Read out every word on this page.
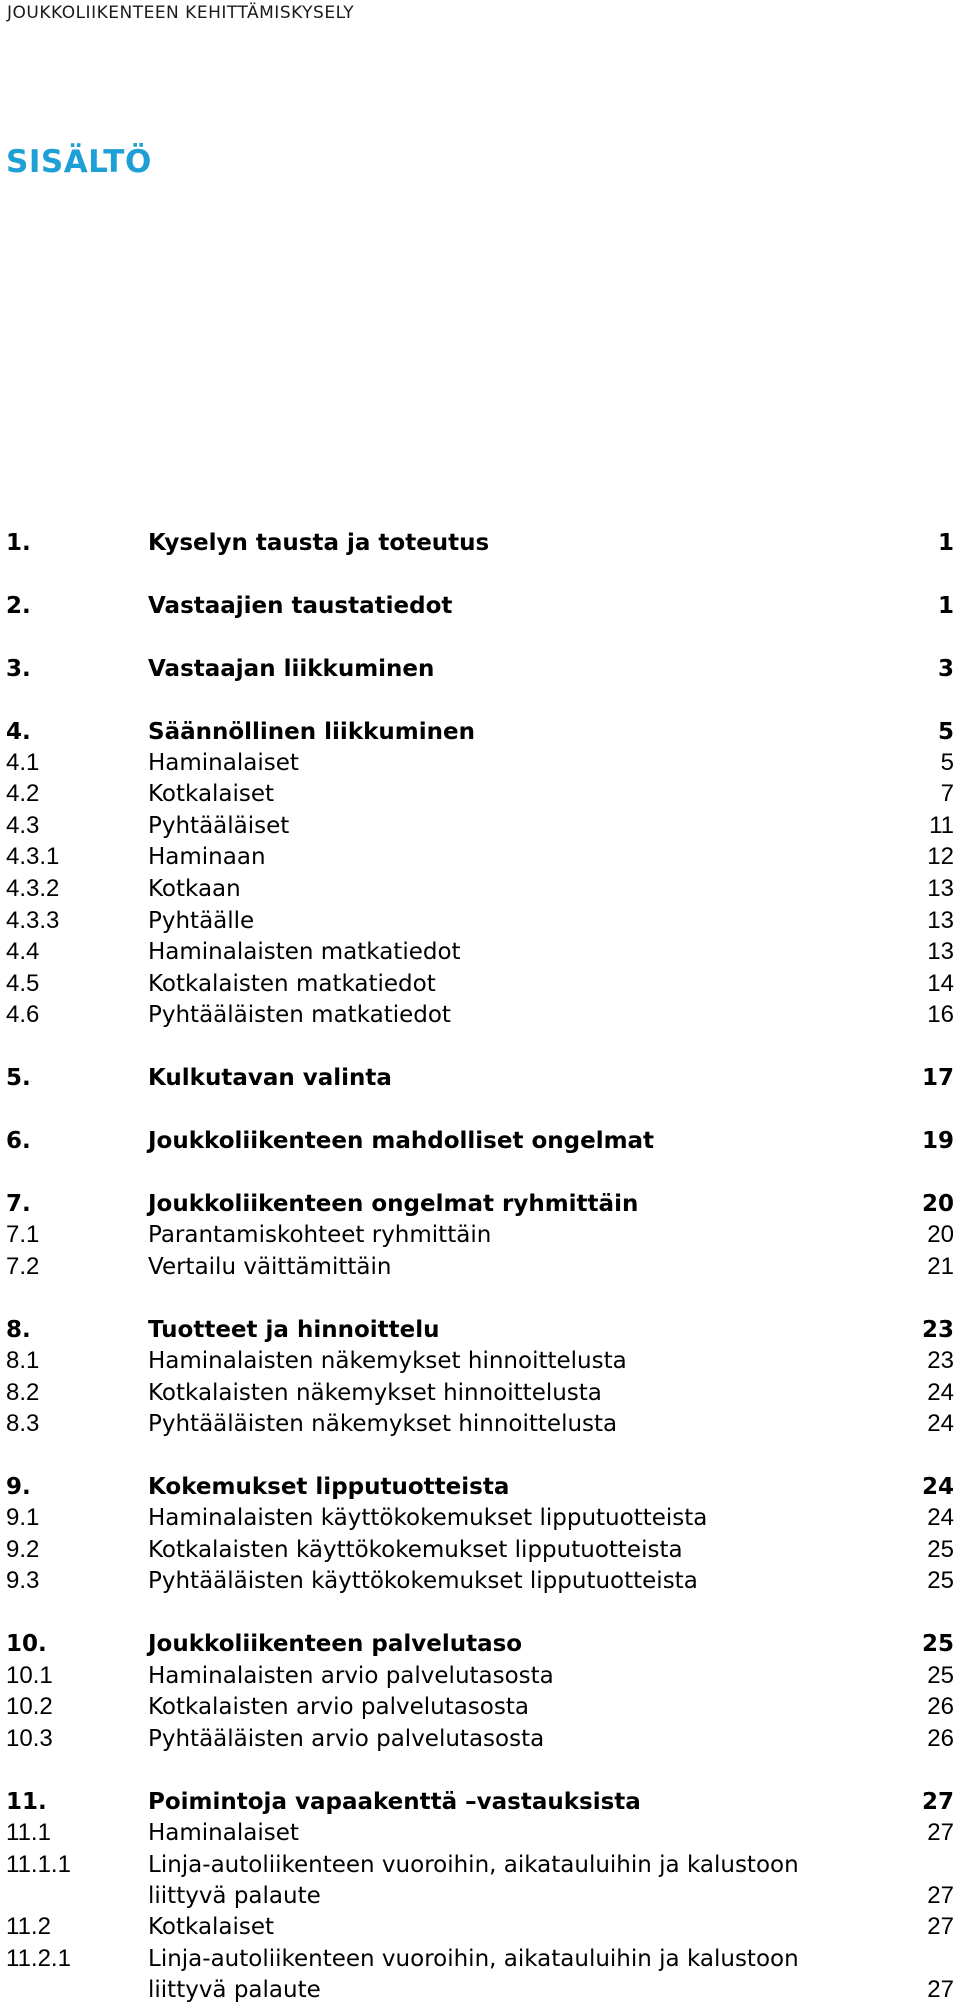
JOUKKOLIIKENTEEN KEHITTÄMISKYSELY
SISÄLTÖ
1.	Kyselyn tausta ja toteutus	1
2.	Vastaajien taustatiedot	1
3.	Vastaajan liikkuminen	3
4.	Säännöllinen liikkuminen	5
4.1	Haminalaiset	5
4.2	Kotkalaiset	7
4.3	Pyhtääläiset	11
4.3.1	Haminaan	12
4.3.2	Kotkaan	13
4.3.3	Pyhtäälle	13
4.4	Haminalaisten matkatiedot	13
4.5	Kotkalaisten matkatiedot	14
4.6	Pyhtääläisten matkatiedot	16
5.	Kulkutavan valinta	17
6.	Joukkoliikenteen mahdolliset ongelmat	19
7.	Joukkoliikenteen ongelmat ryhmittäin	20
7.1	Parantamiskohteet ryhmittäin	20
7.2	Vertailu väittämittäin	21
8.	Tuotteet ja hinnoittelu	23
8.1	Haminalaisten näkemykset hinnoittelusta	23
8.2	Kotkalaisten näkemykset hinnoittelusta	24
8.3	Pyhtääläisten näkemykset hinnoittelusta	24
9.	Kokemukset lipputuotteista	24
9.1	Haminalaisten käyttökokemukset lipputuotteista	24
9.2	Kotkalaisten käyttökokemukset lipputuotteista	25
9.3	Pyhtääläisten käyttökokemukset lipputuotteista	25
10.	Joukkoliikenteen palvelutaso	25
10.1	Haminalaisten arvio palvelutasosta	25
10.2	Kotkalaisten arvio palvelutasosta	26
10.3	Pyhtääläisten arvio palvelutasosta	26
11.	Poimintoja vapaakenttä –vastauksista	27
11.1	Haminalaiset	27
11.1.1	Linja-autoliikenteen vuoroihin, aikatauluihin ja kalustoon liittyvä palaute	27
11.2	Kotkalaiset	27
11.2.1	Linja-autoliikenteen vuoroihin, aikatauluihin ja kalustoon liittyvä palaute	27
